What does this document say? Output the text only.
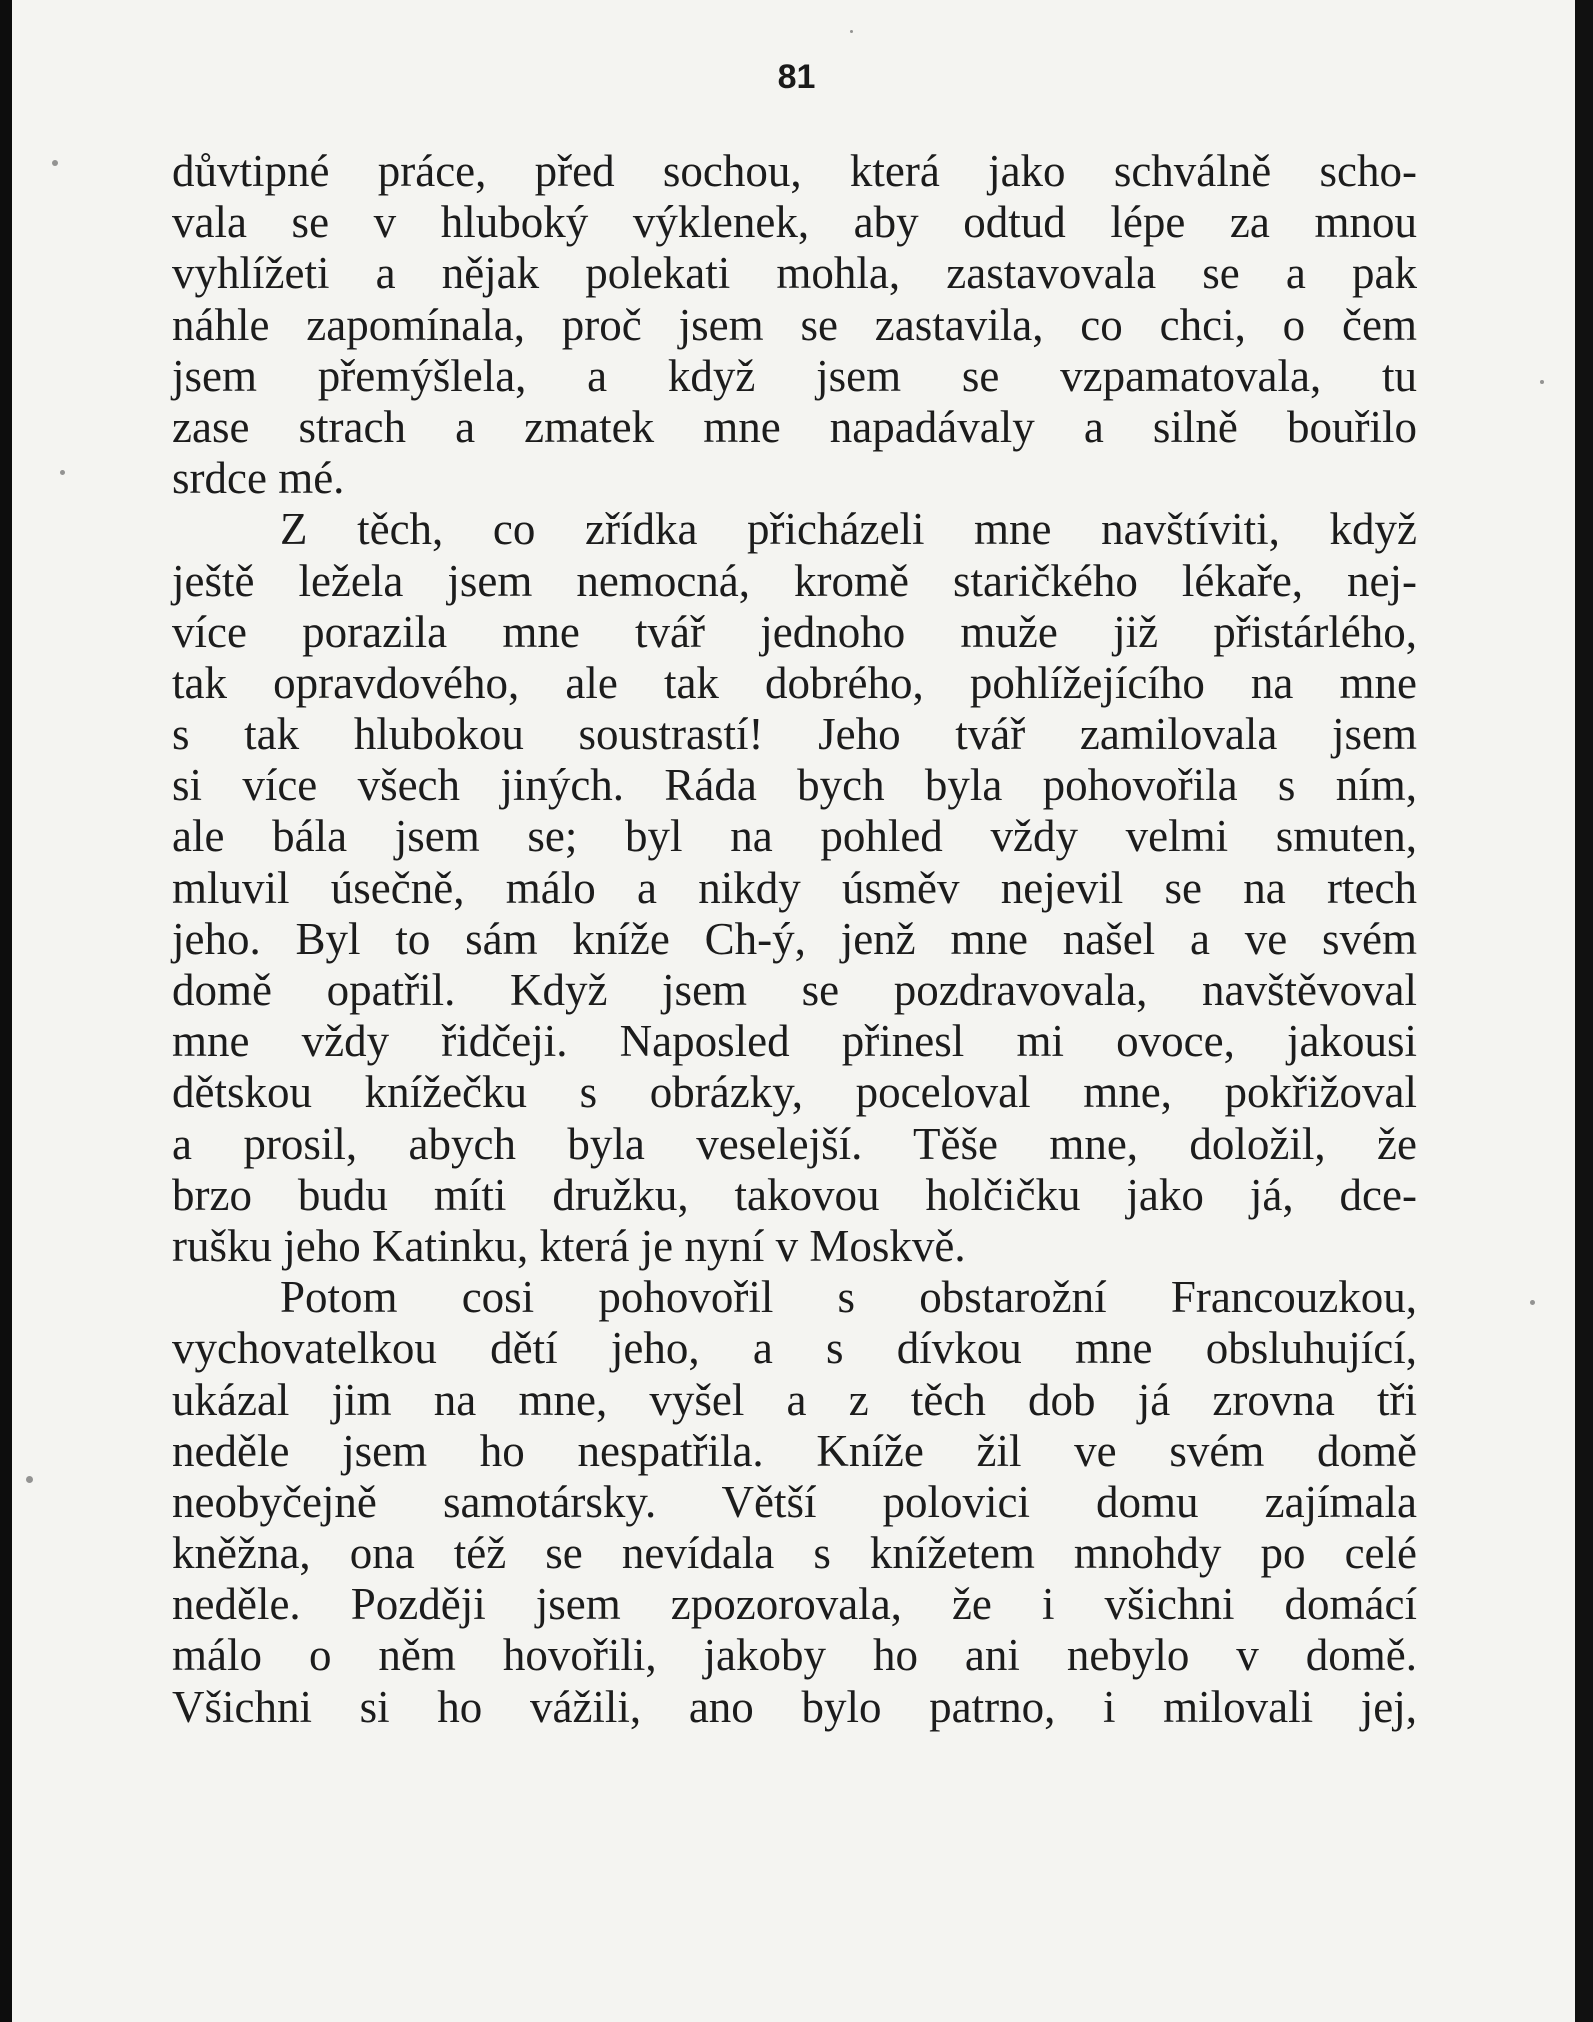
81
důvtipné práce, před sochou, která jako schválně scho-
vala se v hluboký výklenek, aby odtud lépe za mnou
vyhlížeti a nějak polekati mohla, zastavovala se a pak
náhle zapomínala, proč jsem se zastavila, co chci, o čem
jsem přemýšlela, a když jsem se vzpamatovala, tu
zase strach a zmatek mne napadávaly a silně bouřilo
srdce mé.
Z těch, co zřídka přicházeli mne navštíviti, když
ještě ležela jsem nemocná, kromě staričkého lékaře, nej-
více porazila mne tvář jednoho muže již přistárlého,
tak opravdového, ale tak dobrého, pohlížejícího na mne
s tak hlubokou soustrastí! Jeho tvář zamilovala jsem
si více všech jiných. Ráda bych byla pohovořila s ním,
ale bála jsem se; byl na pohled vždy velmi smuten,
mluvil úsečně, málo a nikdy úsměv nejevil se na rtech
jeho. Byl to sám kníže Ch-ý, jenž mne našel a ve svém
domě opatřil. Když jsem se pozdravovala, navštěvoval
mne vždy řidčeji. Naposled přinesl mi ovoce, jakousi
dětskou knížečku s obrázky, poceloval mne, pokřižoval
a prosil, abych byla veselejší. Těše mne, doložil, že
brzo budu míti družku, takovou holčičku jako já, dce-
rušku jeho Katinku, která je nyní v Moskvě.
Potom cosi pohovořil s obstarožní Francouzkou,
vychovatelkou dětí jeho, a s dívkou mne obsluhující,
ukázal jim na mne, vyšel a z těch dob já zrovna tři
neděle jsem ho nespatřila. Kníže žil ve svém domě
neobyčejně samotársky. Větší polovici domu zajímala
kněžna, ona též se nevídala s knížetem mnohdy po celé
neděle. Později jsem zpozorovala, že i všichni domácí
málo o něm hovořili, jakoby ho ani nebylo v domě.
Všichni si ho vážili, ano bylo patrno, i milovali jej,
